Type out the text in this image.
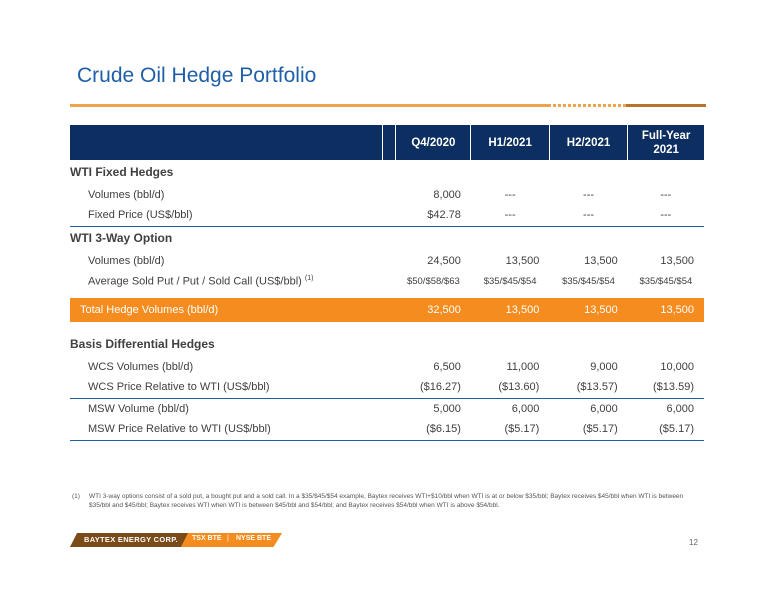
Crude Oil Hedge Portfolio
		Q4/2020	H1/2021	H2/2021	Full-Year
2021
WTI Fixed Hedges					
Volumes (bbl/d)		8,000	---	---	---
Fixed Price (US$/bbl)		$42.78	---	---	---
WTI 3-Way Option					
Volumes (bbl/d)		24,500	13,500	13,500	13,500
Average Sold Put / Put / Sold Call (US$/bbl) $^{(1)}$		$50/$58/$63	$35/$45/$54	$35/$45/$54	$35/$45/$54

Total Hedge Volumes (bbl/d)		32,500	13,500	13,500	13,500

Basis Differential Hedges					
WCS Volumes (bbl/d)		6,500	11,000	9,000	10,000
WCS Price Relative to WTI (US$/bbl)		($16.27)	($13.60)	($13.57)	($13.59)
MSW Volume (bbl/d)		5,000	6,000	6,000	6,000
MSW Price Relative to WTI (US$/bbl)		($6.15)	($5.17)	($5.17)	($5.17)
(1)	WTI 3-way options consist of a sold put, a bought put and a sold call. In a $35/$45/$54 example, Baytex receives WTI+$10/bbl when WTI is at or below $35/bbl; Baytex receives $45/bbl when WTI is between $35/bbl and $45/bbl; Baytex receives WTI when WTI is between $45/bbl and $54/bbl; and Baytex receives $54/bbl when WTI is above $54/bbl.
BAYTEX ENERGY CORP. TSX BTE | NYSE BTE	12
